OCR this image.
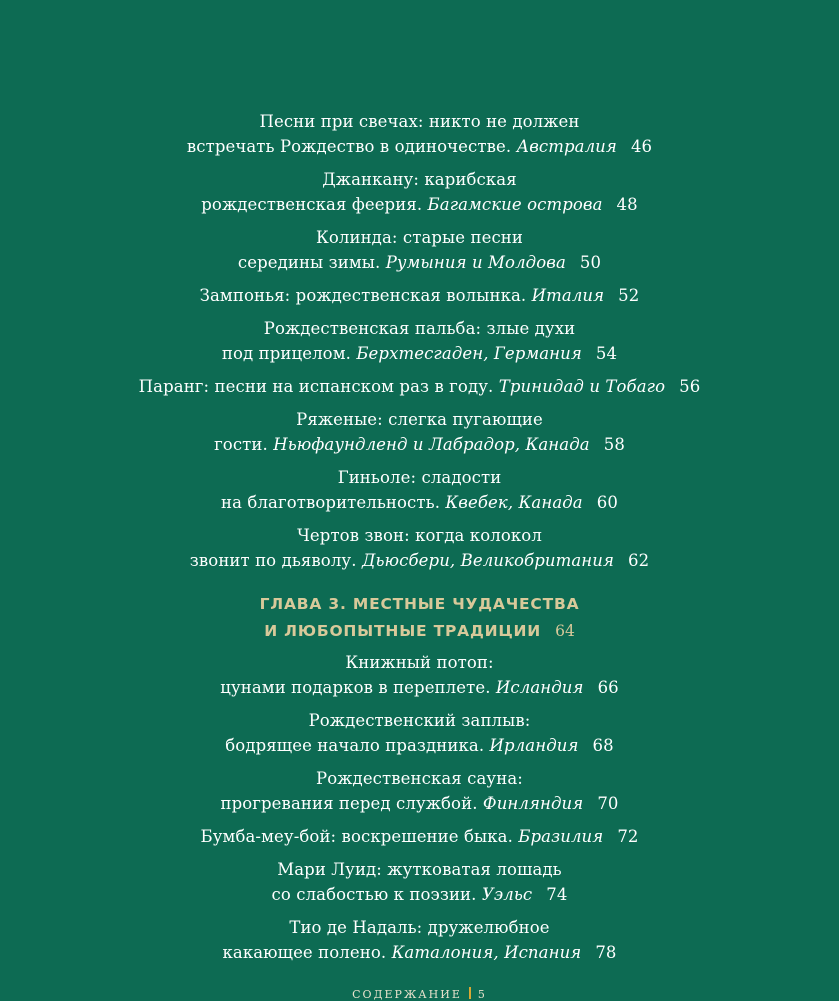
Песни при свечах: никто не должен
встречать Рождество в одиночестве. Австралия 46
Джанкану: карибская
рождественская феерия. Багамские острова 48
Колинда: старые песни
середины зимы. Румыния и Молдова 50
Зампонья: рождественская волынка. Италия 52
Рождественская пальба: злые духи
под прицелом. Берхтесгаден, Германия 54
Паранг: песни на испанском раз в году. Тринидад и Тобаго 56
Ряженые: слегка пугающие
гости. Ньюфаундленд и Лабрадор, Канада 58
Гиньоле: сладости
на благотворительность. Квебек, Канада 60
Чертов звон: когда колокол
звонит по дьяволу. Дьюсбери, Великобритания 62
ГЛАВА 3. МЕСТНЫЕ ЧУДАЧЕСТВА
И ЛЮБОПЫТНЫЕ ТРАДИЦИИ 64
Книжный потоп:
цунами подарков в переплете. Исландия 66
Рождественский заплыв:
бодрящее начало праздника. Ирландия 68
Рождественская сауна:
прогревания перед службой. Финляндия 70
Бумба-меу-бой: воскрешение быка. Бразилия 72
Мари Луид: жутковатая лошадь
со слабостью к поэзии. Уэльс 74
Тио де Надаль: дружелюбное
какающее полено. Каталония, Испания 78
СОДЕРЖАНИЕ 5
